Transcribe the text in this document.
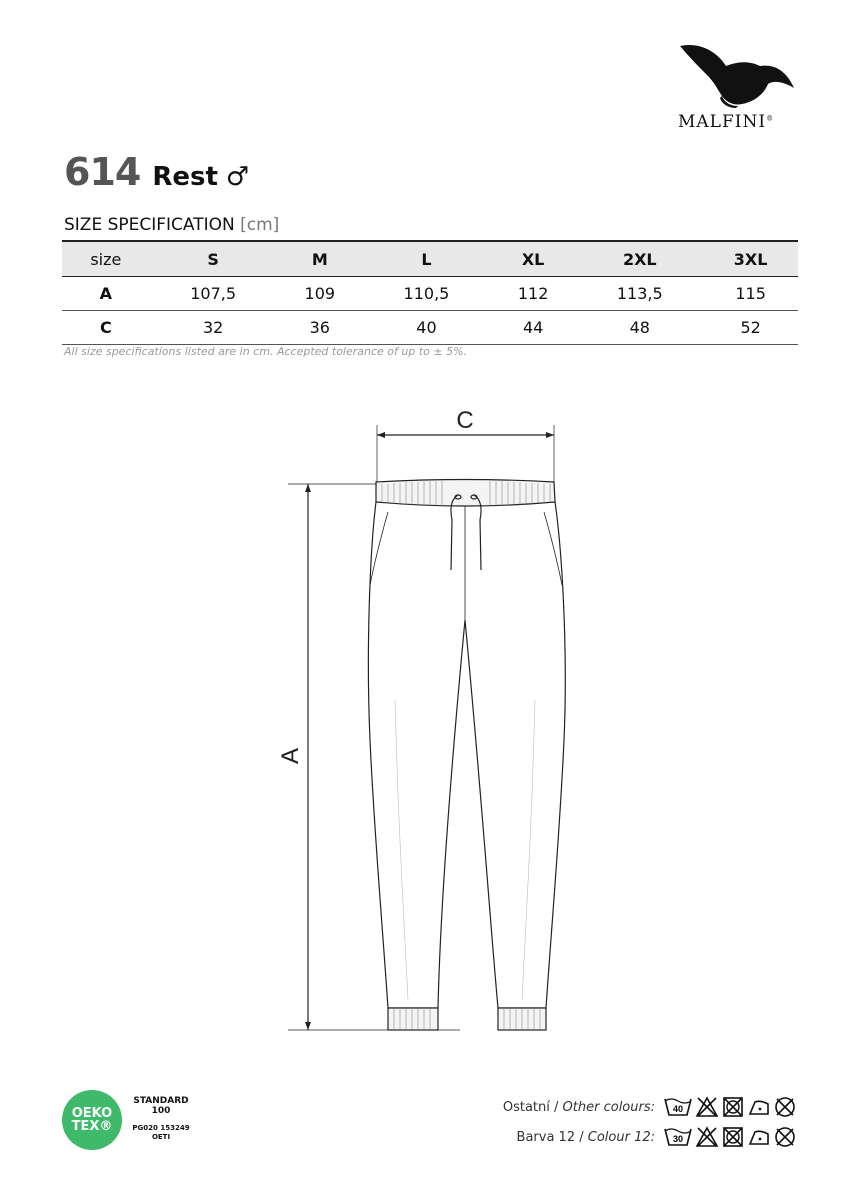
MALFINI®
614 Rest ♂
SIZE SPECIFICATION [cm]
size	S	M	L	XL	2XL	3XL
A	107,5	109	110,5	112	113,5	115
C	32	36	40	44	48	52
All size specifications listed are in cm. Accepted tolerance of up to ± 5%.
C
A
OEKO
TEX®
STANDARD
100
PG020 153249
OETI
Ostatní / Other colours: 40
Barva 12 / Colour 12: 30
